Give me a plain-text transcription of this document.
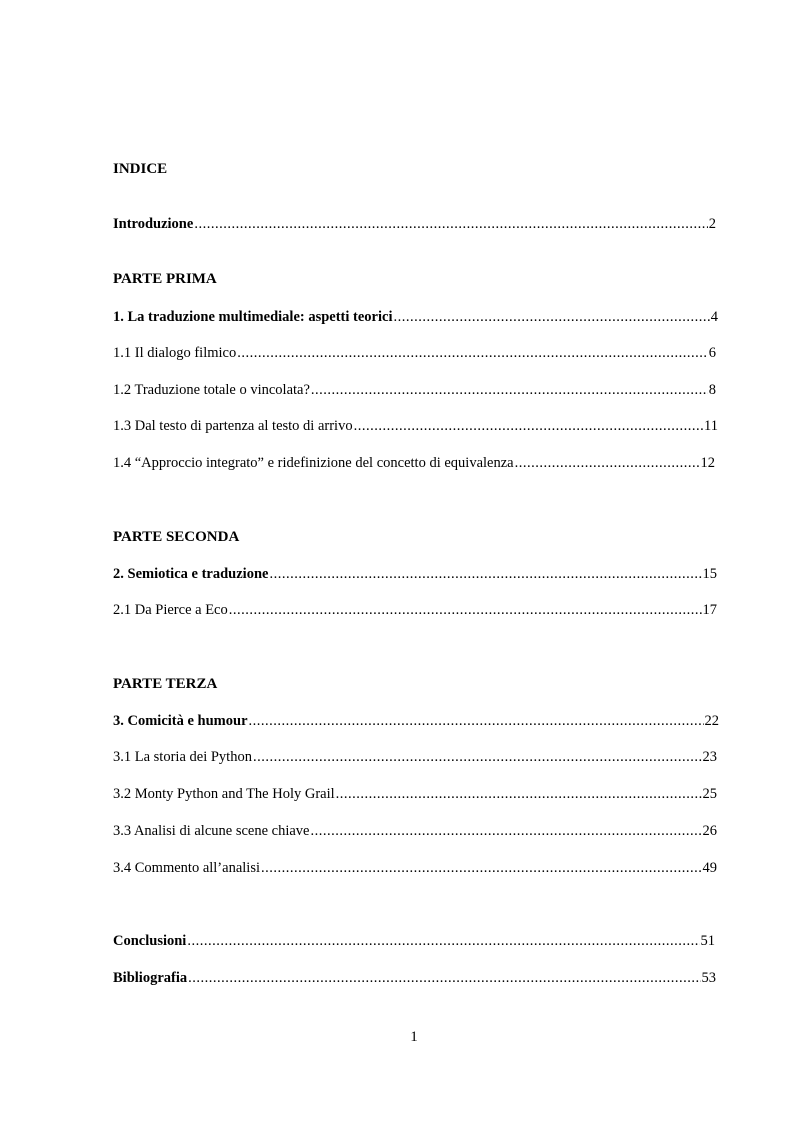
INDICE
Introduzione .....	2
PARTE PRIMA
1. La traduzione multimediale: aspetti teorici .....	4
1.1 Il dialogo filmico .....	6
1.2 Traduzione totale o vincolata? .....	8
1.3 Dal testo di partenza al testo di arrivo .....	11
1.4 “Approccio integrato” e ridefinizione del concetto di equivalenza .....	12
PARTE SECONDA
2. Semiotica e traduzione .....	15
2.1 Da Pierce a Eco .....	17
PARTE TERZA
3. Comicità e humour .....	22
3.1 La storia dei Python .....	23
3.2 Monty Python and The Holy Grail .....	25
3.3 Analisi di alcune scene chiave .....	26
3.4 Commento all’analisi .....	49
Conclusioni .....	51
Bibliografia .....	53
1
